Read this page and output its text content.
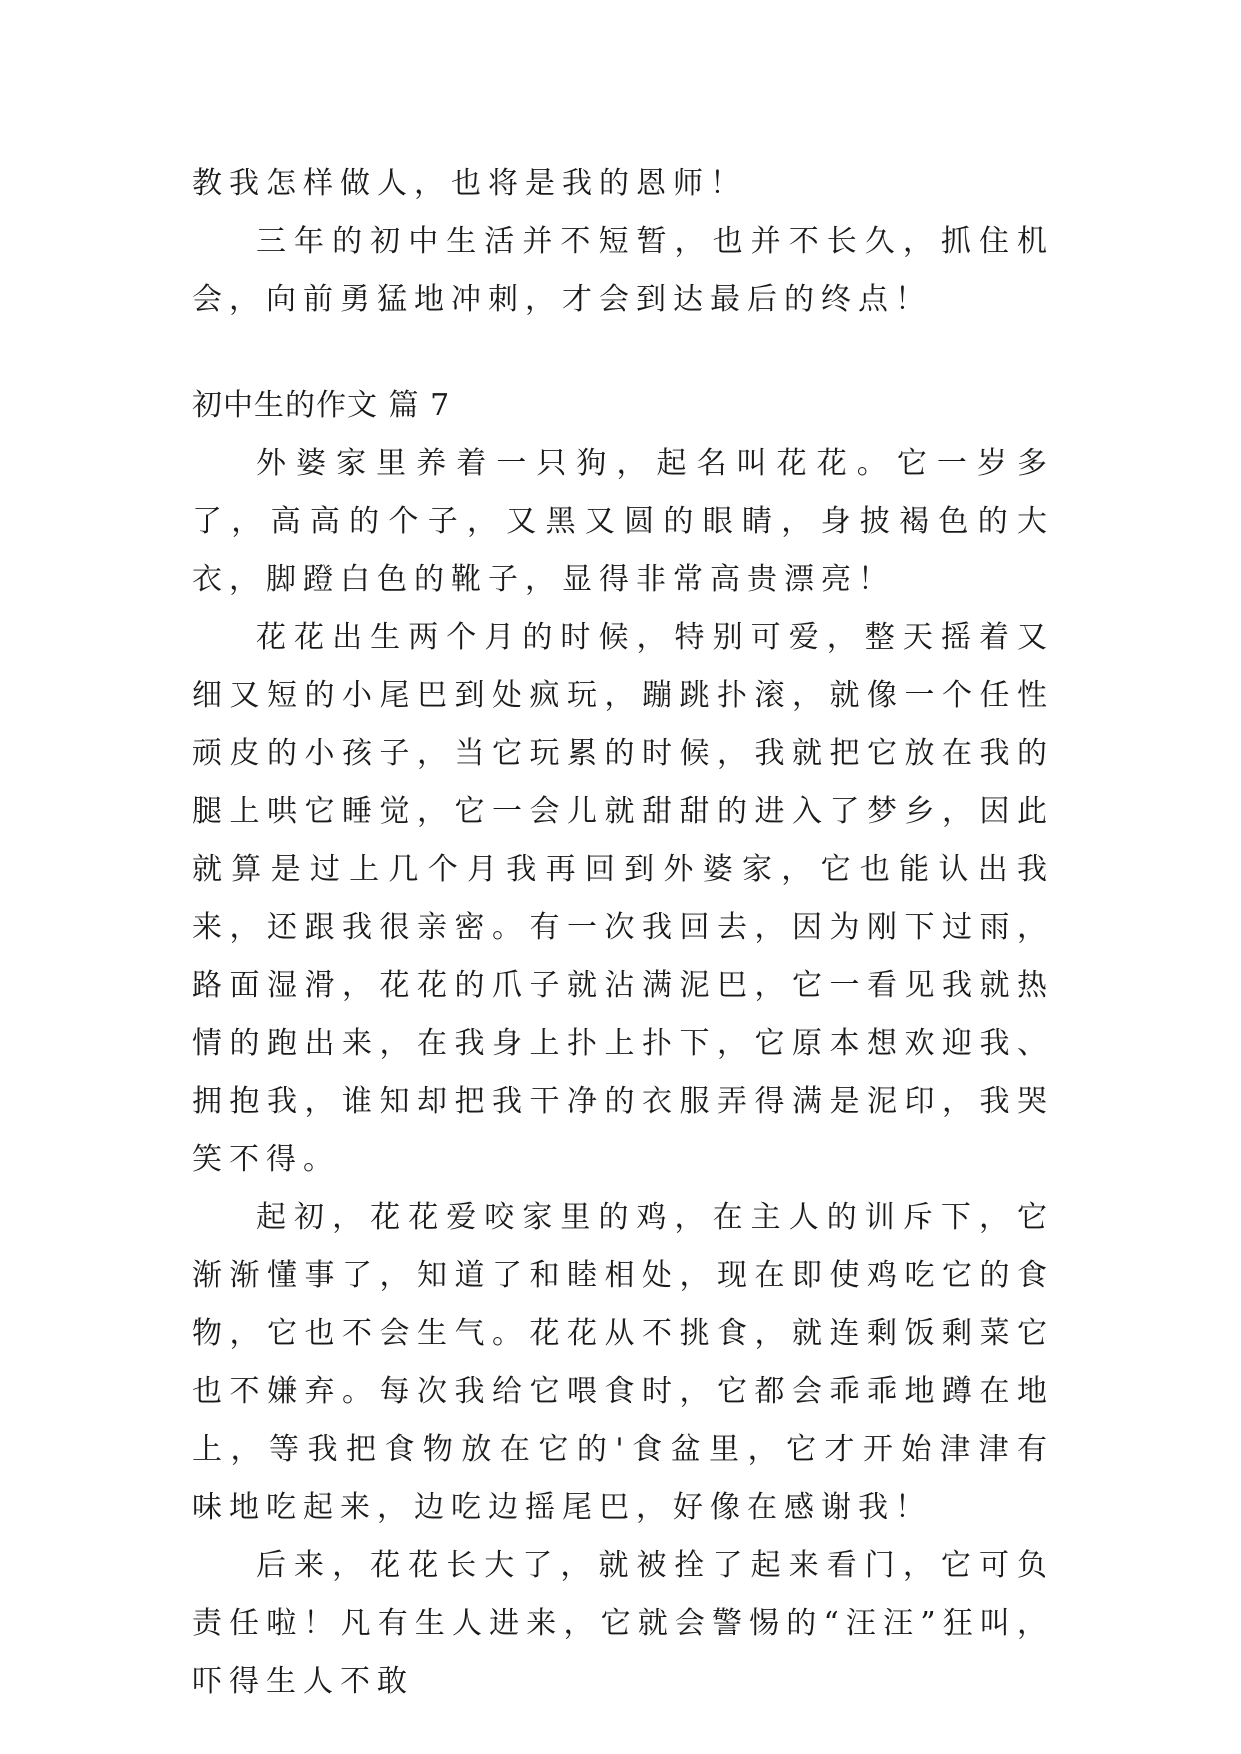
教我怎样做人，也将是我的恩师！

三年的初中生活并不短暂，也并不长久，抓住机会，向前勇猛地冲刺，才会到达最后的终点！

初中生的作文 篇 7

外婆家里养着一只狗，起名叫花花。它一岁多了，高高的个子，又黑又圆的眼睛，身披褐色的大衣，脚蹬白色的靴子，显得非常高贵漂亮！

花花出生两个月的时候，特别可爱，整天摇着又细又短的小尾巴到处疯玩，蹦跳扑滚，就像一个任性顽皮的小孩子，当它玩累的时候，我就把它放在我的腿上哄它睡觉，它一会儿就甜甜的进入了梦乡，因此就算是过上几个月我再回到外婆家，它也能认出我来，还跟我很亲密。有一次我回去，因为刚下过雨，路面湿滑，花花的爪子就沾满泥巴，它一看见我就热情的跑出来，在我身上扑上扑下，它原本想欢迎我、拥抱我，谁知却把我干净的衣服弄得满是泥印，我哭笑不得。

起初，花花爱咬家里的鸡，在主人的训斥下，它渐渐懂事了，知道了和睦相处，现在即使鸡吃它的食物，它也不会生气。花花从不挑食，就连剩饭剩菜它也不嫌弃。每次我给它喂食时，它都会乖乖地蹲在地上，等我把食物放在它的'食盆里，它才开始津津有味地吃起来，边吃边摇尾巴，好像在感谢我！

后来，花花长大了，就被拴了起来看门，它可负责任啦！凡有生人进来，它就会警惕的“汪汪”狂叫，吓得生人不敢
